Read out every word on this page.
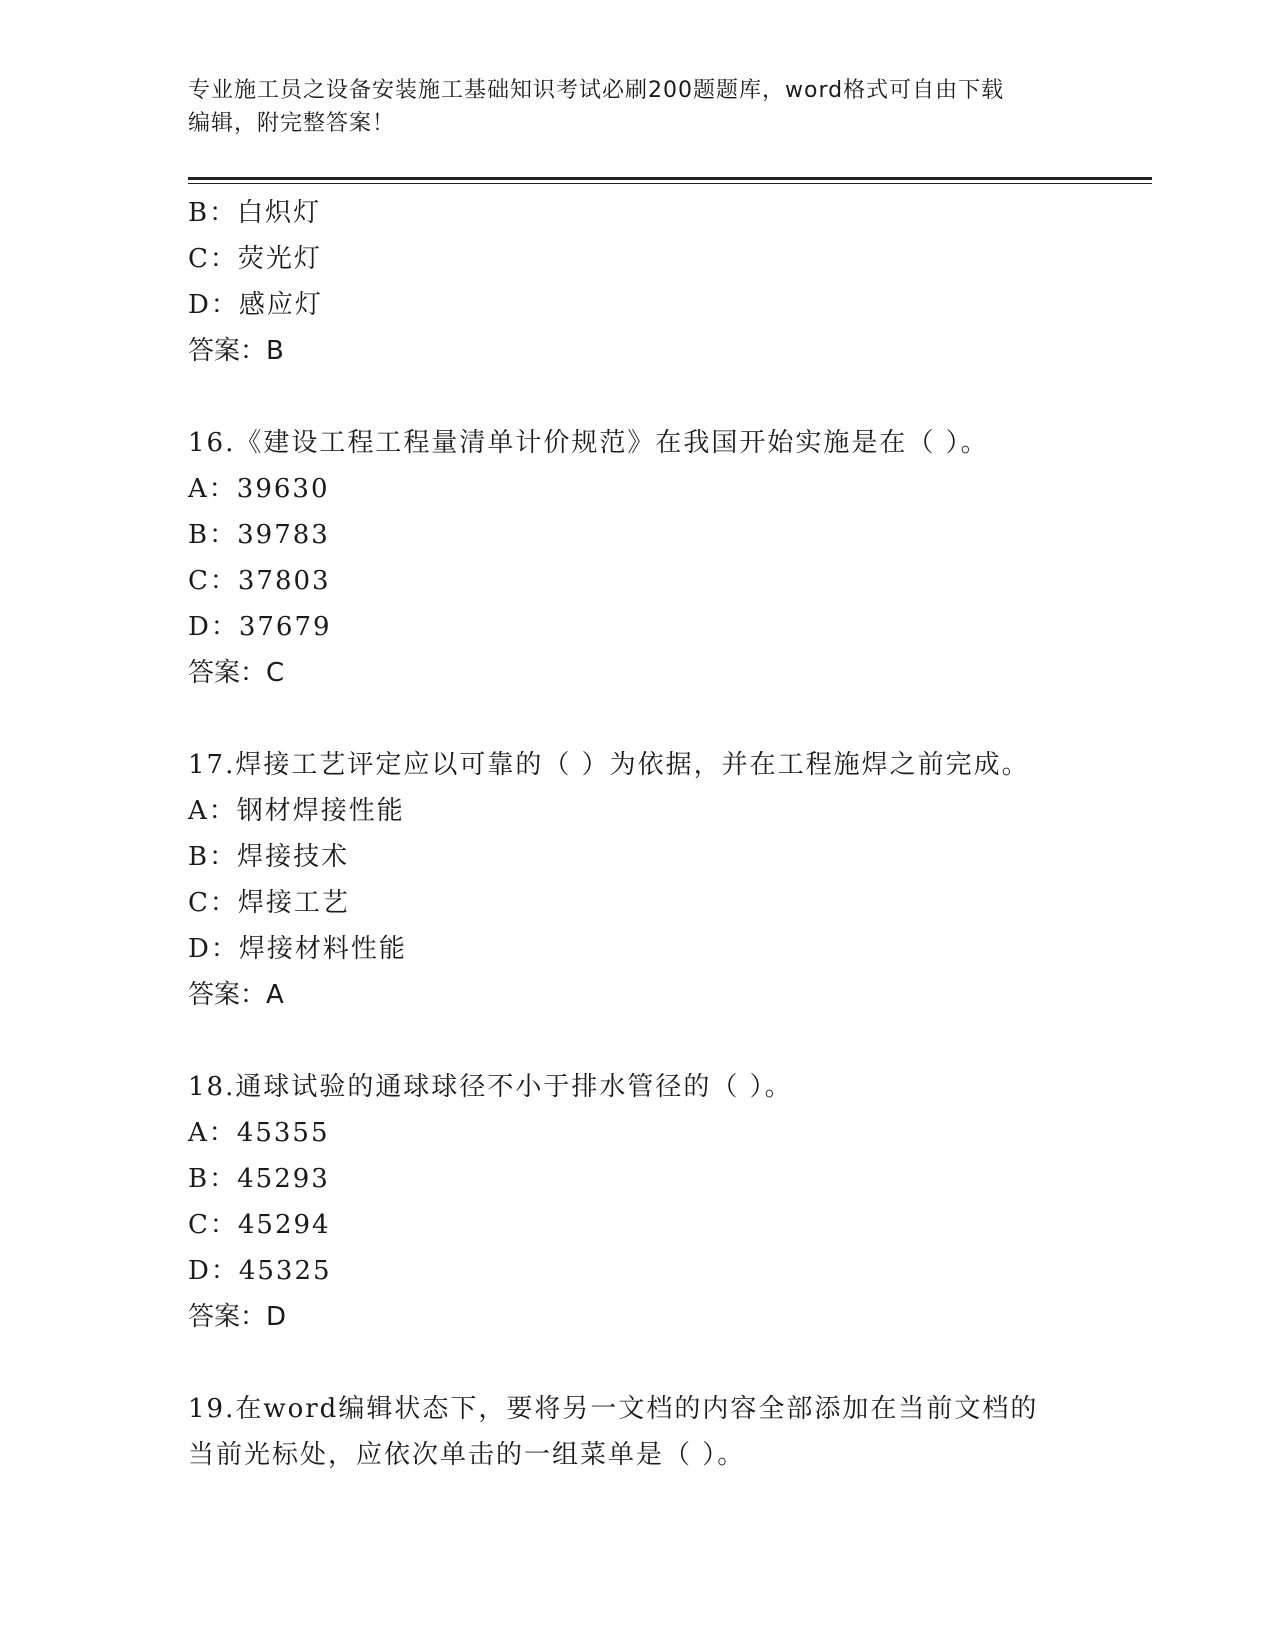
专业施工员之设备安装施工基础知识考试必刷200题题库，word格式可自由下载
编辑，附完整答案！
B：白炽灯
C：荧光灯
D：感应灯
答案：B
16.《建设工程工程量清单计价规范》在我国开始实施是在（ ）。
A：39630
B：39783
C：37803
D：37679
答案：C
17.焊接工艺评定应以可靠的（ ）为依据，并在工程施焊之前完成。
A：钢材焊接性能
B：焊接技术
C：焊接工艺
D：焊接材料性能
答案：A
18.通球试验的通球球径不小于排水管径的（ ）。
A：45355
B：45293
C：45294
D：45325
答案：D
19.在word编辑状态下，要将另一文档的内容全部添加在当前文档的
当前光标处，应依次单击的一组菜单是（ ）。
